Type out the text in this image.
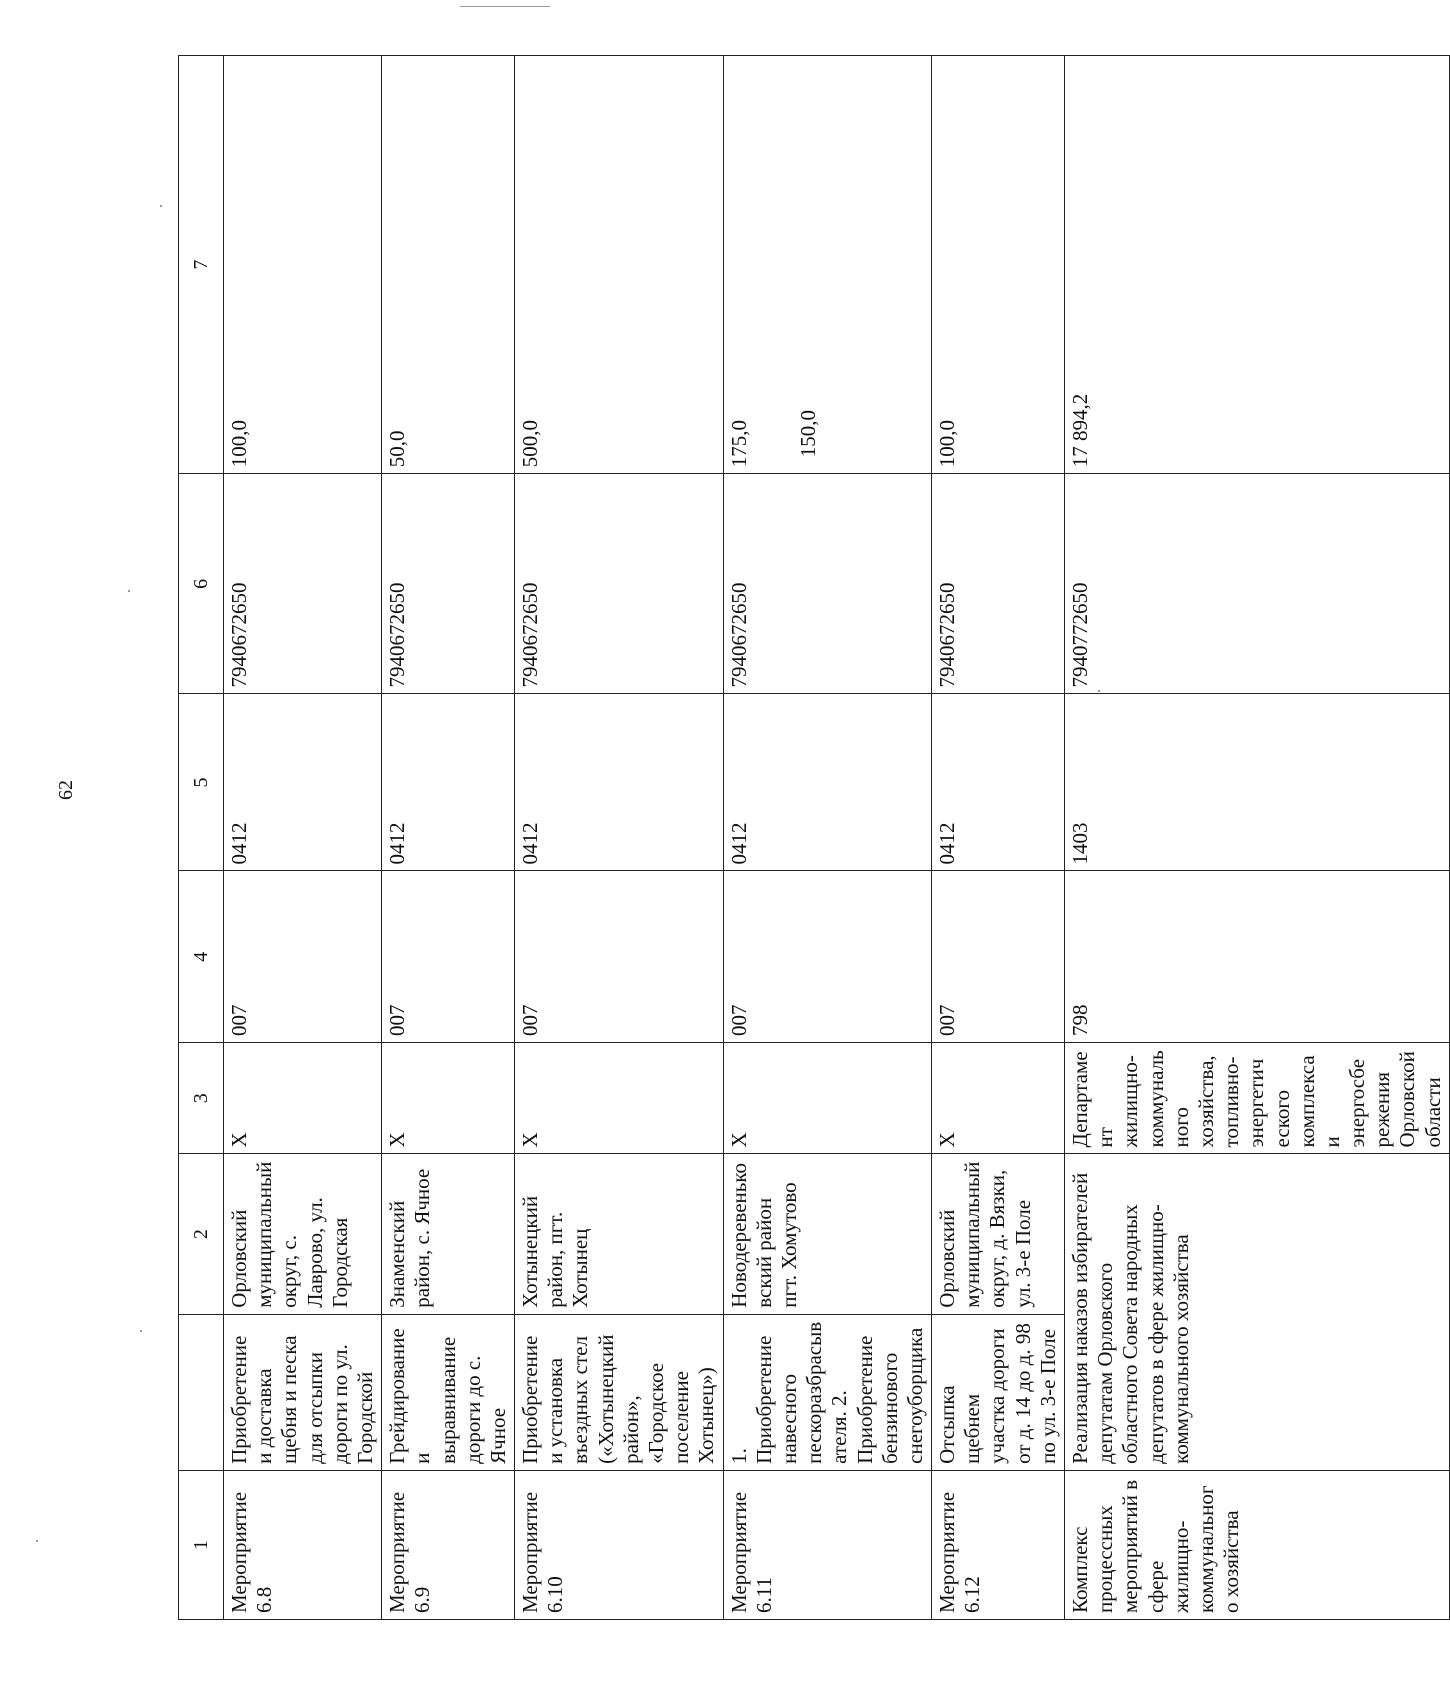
62
1		2	3	4	5	6	7
Мероприятие 6.8	Приобретение и доставка щебня и песка для отсыпки дороги по ул. Городской	Орловский муниципальный округ, с. Лаврово, ул. Городская	Х	007	0412	7940672650	100,0

Мероприятие 6.9	Грейдирование и выравнивание дороги до с. Ячное	Знаменский район, с. Ячное	Х	007	0412	7940672650	50,0

Мероприятие 6.10	Приобретение и установка въездных стел («Хотынецкий район», «Городское поселение Хотынец»)	Хотынецкий район, пгт. Хотынец	Х	007	0412	7940672650	500,0

Мероприятие 6.11	1. Приобретение навесного пескоразбрасывателя. 2. Приобретение бензинового снегоуборщика	Новодеревеньковский район пгт. Хомутово	Х	007	0412	7940672650	175,0 150,0

Мероприятие 6.12	Отсыпка щебнем участка дороги от д. 14 до д. 98 по ул. 3-е Поле	Орловский муниципальный округ, д. Вязки, ул. 3-е Поле	Х	007	0412	7940672650	100,0

Комплекс процессных мероприятий в сфере жилищно-коммунального хозяйства	Реализация наказов избирателей депутатам Орловского областного Совета народных депутатов в сфере жилищно-коммунального хозяйства		Департамент жилищно-коммунального хозяйства, топливно-энергетического комплекса и энергосбережения Орловской области	798	1403	7940772650	17 894,2
